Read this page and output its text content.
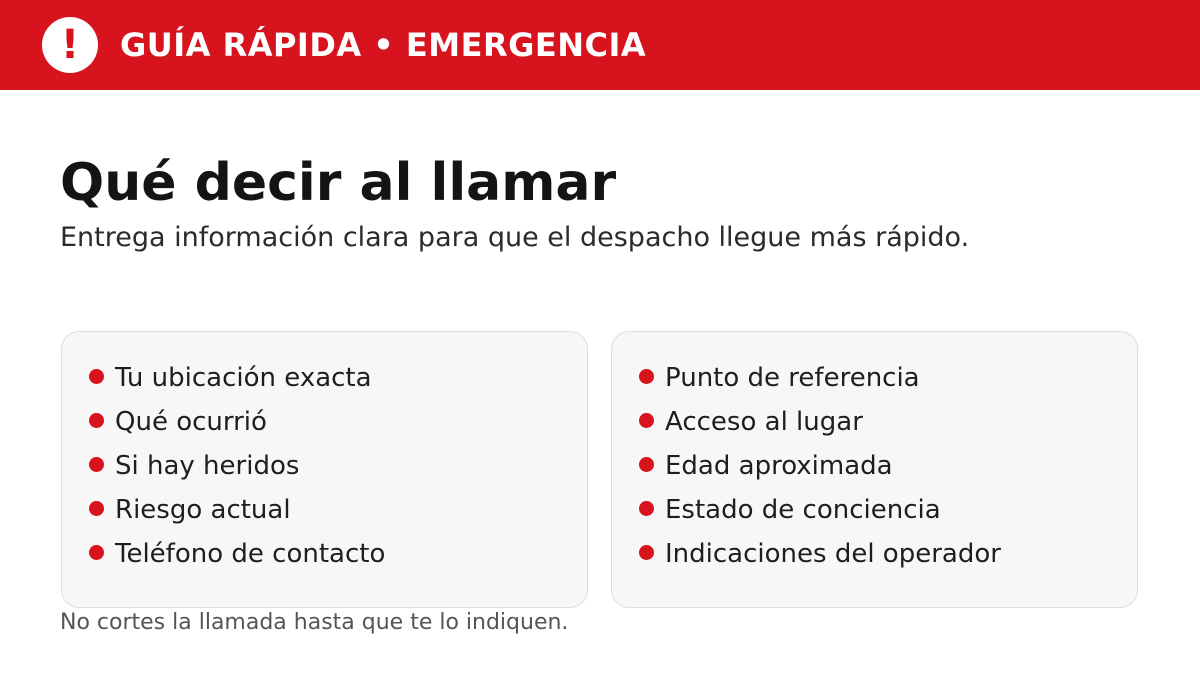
!	GUÍA RÁPIDA • EMERGENCIA
Qué decir al llamar

Entrega información clara para que el despacho llegue más rápido.

Tu ubicación exacta
Qué ocurrió
Si hay heridos
Riesgo actual
Teléfono de contacto
Punto de referencia
Acceso al lugar
Edad aproximada
Estado de conciencia
Indicaciones del operador

No cortes la llamada hasta que te lo indiquen.
